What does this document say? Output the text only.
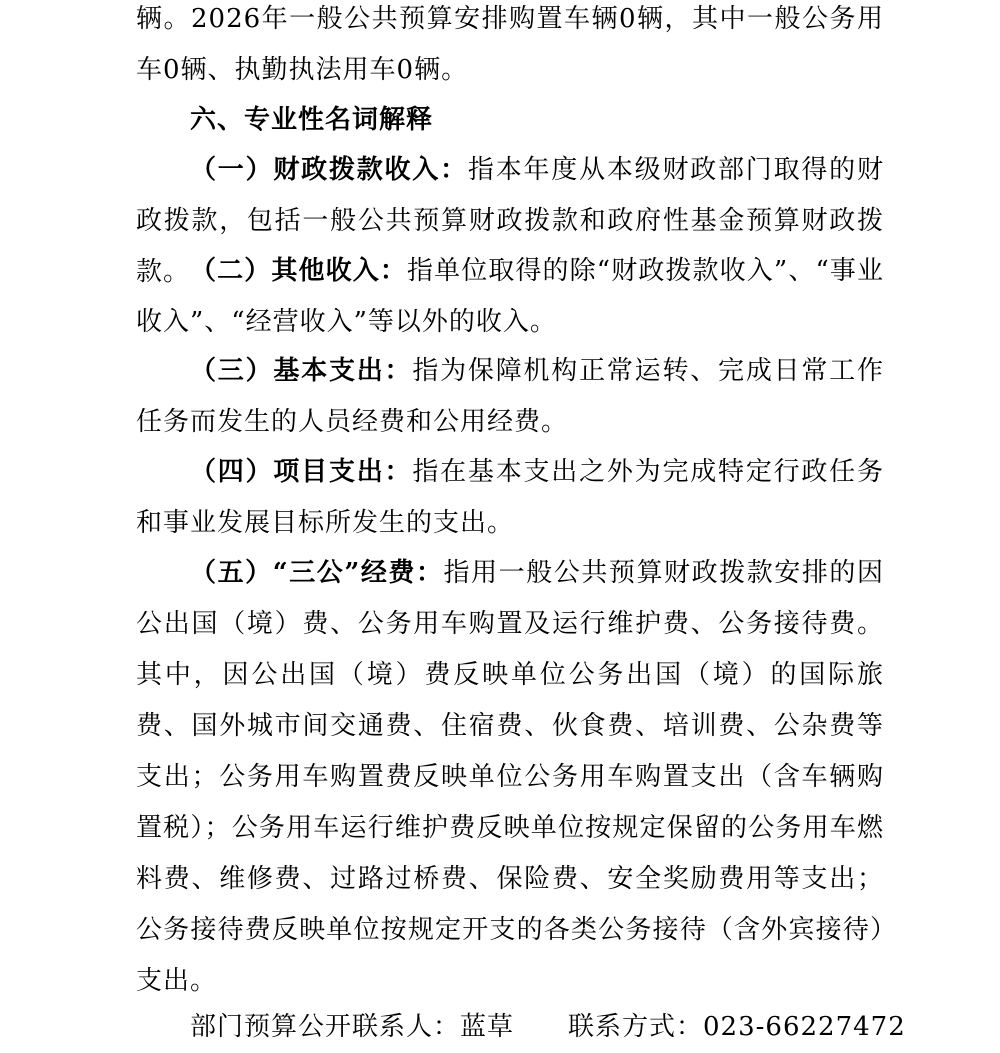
辆。2026年一般公共预算安排购置车辆0辆，其中一般公务用车0辆、执勤执法用车0辆。

六、专业性名词解释

（一）财政拨款收入：指本年度从本级财政部门取得的财政拨款，包括一般公共预算财政拨款和政府性基金预算财政拨款。 （二）其他收入：指单位取得的除“财政拨款收入”、“事业收入”、“经营收入”等以外的收入。

（三）基本支出：指为保障机构正常运转、完成日常工作任务而发生的人员经费和公用经费。

（四）项目支出：指在基本支出之外为完成特定行政任务和事业发展目标所发生的支出。

（五）“三公”经费：指用一般公共预算财政拨款安排的因公出国（境）费、公务用车购置及运行维护费、公务接待费。其中，因公出国（境）费反映单位公务出国（境）的国际旅费、国外城市间交通费、住宿费、伙食费、培训费、公杂费等支出；公务用车购置费反映单位公务用车购置支出（含车辆购置税）；公务用车运行维护费反映单位按规定保留的公务用车燃料费、维修费、过路过桥费、保险费、安全奖励费用等支出；公务接待费反映单位按规定开支的各类公务接待（含外宾接待）支出。

部门预算公开联系人：蓝草 联系方式：023-66227472
